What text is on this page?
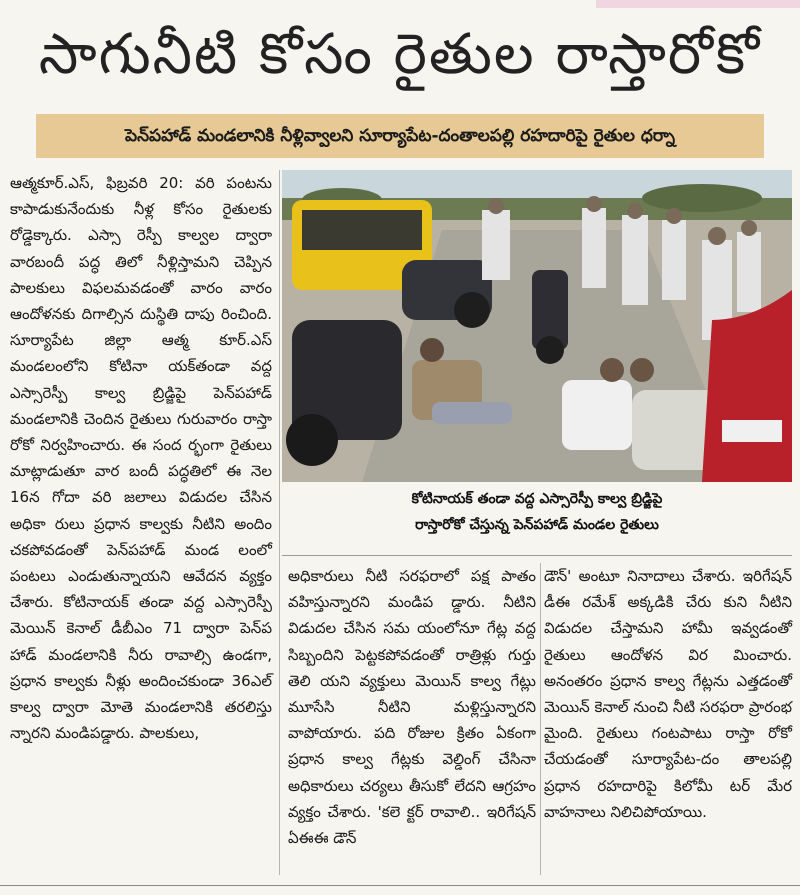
సాగునీటి కోసం రైతుల రాస్తారోకో
పెన్‌పహాడ్ మండలానికి నీళ్లివ్వాలని సూర్యాపేట-దంతాలపల్లి రహదారిపై రైతుల ధర్నా

ఆత్మకూర్.ఎస్, ఫిబ్రవరి 20: వరి పంటను కాపాడుకునేందుకు నీళ్ల కోసం రైతులకు రోడ్డెక్కారు. ఎస్సా రెస్పీ కాల్వల ద్వారా వారబందీ పద్ధ తిలో నీళ్లిస్తామని చెప్పిన పాలకులు విఫలమవడంతో వారం వారం ఆందోళనకు దిగాల్సిన దుస్థితి దాపు రించింది. సూర్యాపేట జిల్లా ఆత్మ కూర్.ఎస్ మండలంలోని కోటినా యక్‌తండా వద్ద ఎస్సారెస్పీ కాల్వ బ్రిడ్జిపై పెన్‌పహాడ్ మండలానికి చెందిన రైతులు గురువారం రాస్తా రోకో నిర్వహించారు. ఈ సంద ర్భంగా రైతులు మాట్లాడుతూ వార బందీ పద్ధతిలో ఈ నెల 16న గోదా వరి జలాలు విడుదల చేసిన అధికా రులు ప్రధాన కాల్వకు నీటిని అందిం చకపోవడంతో పెన్‌పహాడ్ మండ లంలో పంటలు ఎండుతున్నాయని ఆవేదన వ్యక్తం చేశారు. కోటినాయక్ తండా వద్ద ఎస్సారెస్పీ మెయిన్ కెనాల్ డీబీఎం 71 ద్వారా పెన్‌ప హాడ్ మండలానికి నీరు రావాల్సి ఉండగా, ప్రధాన కాల్వకు నీళ్లు అందించకుండా 36ఎల్ కాల్వ ద్వారా మోతె మండలానికి తరలిస్తు న్నారని మండిపడ్డారు. పాలకులు,

కోటినాయక్ తండా వద్ద ఎస్సారెస్పీ కాల్వ బ్రిడ్జిపై
రాస్తారోకో చేస్తున్న పెన్‌పహాడ్ మండల రైతులు

అధికారులు నీటి సరఫరాలో పక్ష పాతం వహిస్తున్నారని మండిప డ్డారు. నీటిని విడుదల చేసిన సమ యంలోనూ గేట్ల వద్ద సిబ్బందిని పెట్టకపోవడంతో రాత్రిళ్లు గుర్తు తెలి యని వ్యక్తులు మెయిన్ కాల్వ గేట్లు మూసేసి నీటిని మళ్లిస్తున్నారని వాపోయారు. పది రోజుల క్రితం ఏకంగా ప్రధాన కాల్వ గేట్లకు వెల్డింగ్ చేసినా అధికారులు చర్యలు తీసుకో లేదని ఆగ్రహం వ్యక్తం చేశారు. 'కలె క్టర్ రావాలి.. ఇరిగేషన్ ఏఈఈ డౌన్

డౌన్' అంటూ నినాదాలు చేశారు. ఇరిగేషన్ డీఈ రమేశ్ అక్కడికి చేరు కుని నీటిని విడుదల చేస్తామని హామీ ఇవ్వడంతో రైతులు ఆందోళన విర మించారు. అనంతరం ప్రధాన కాల్వ గేట్లను ఎత్తడంతో మెయిన్ కెనాల్ నుంచి నీటి సరఫరా ప్రారంభ మైంది. రైతులు గంటపాటు రాస్తా రోకో చేయడంతో సూర్యాపేట-దం తాలపల్లి ప్రధాన రహదారిపై కిలోమీ టర్ మేర వాహనాలు నిలిచిపోయాయి.
